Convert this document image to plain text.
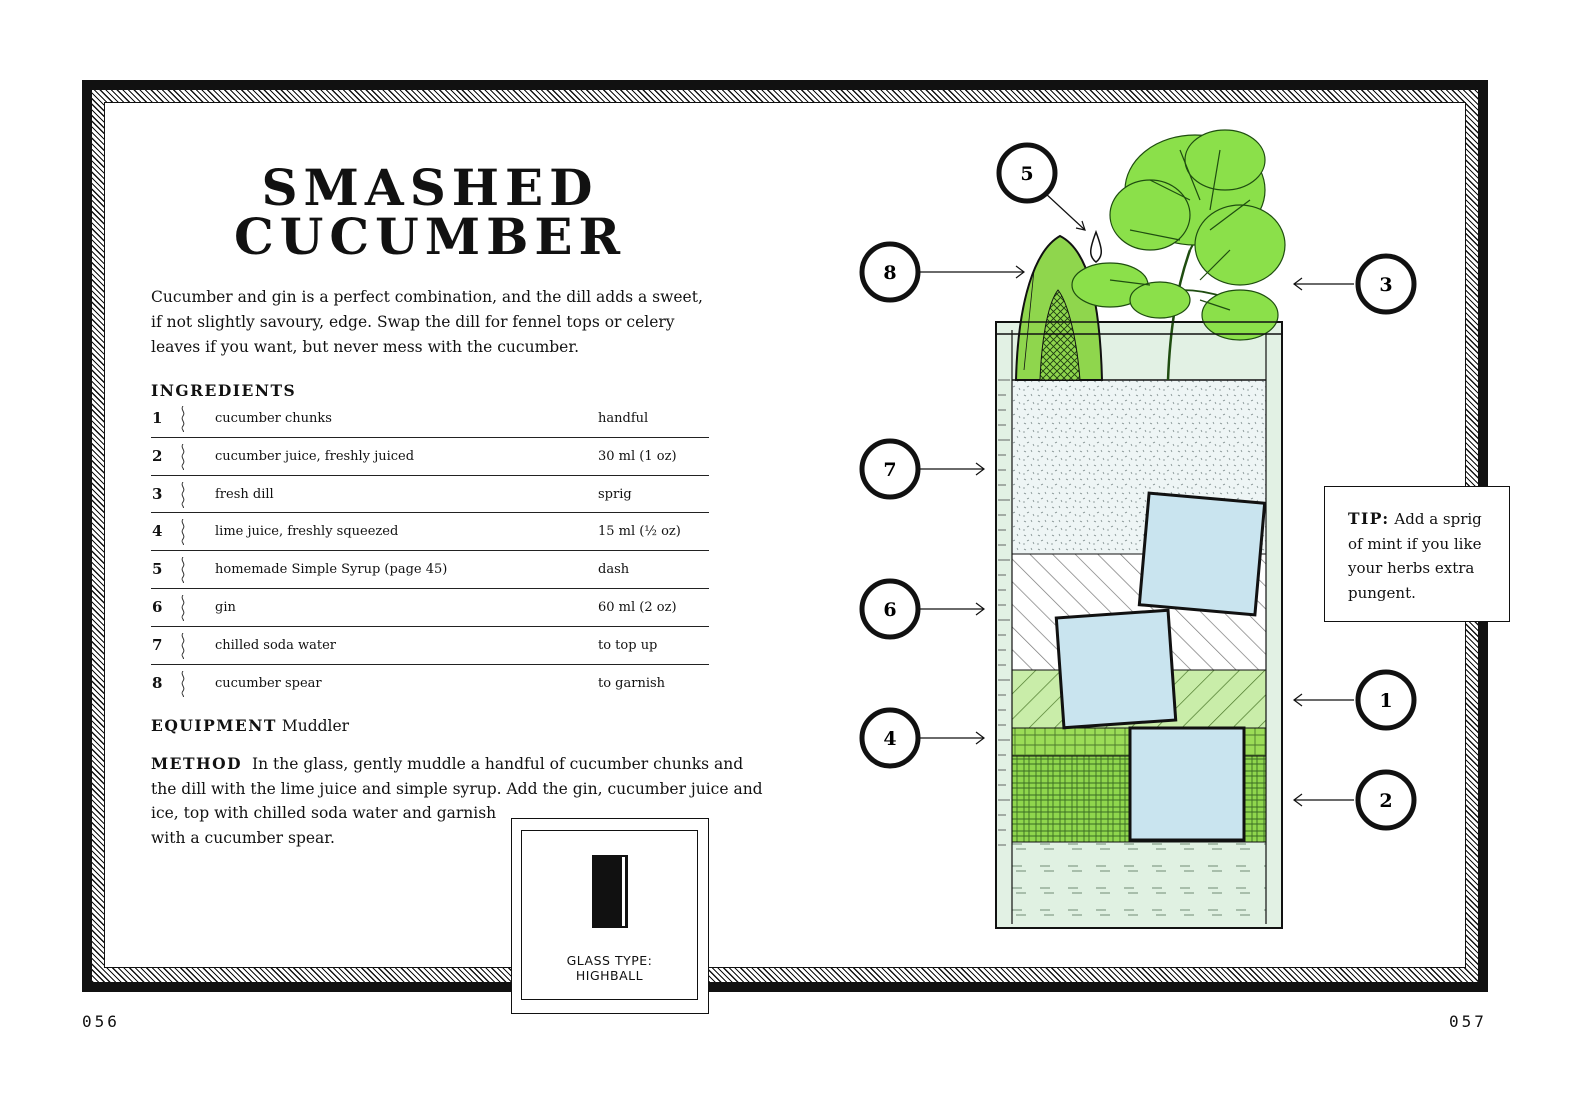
SMASHED
CUCUMBER

Cucumber and gin is a perfect combination, and the dill adds a sweet, if not slightly savoury, edge. Swap the dill for fennel tops or celery leaves if you want, but never mess with the cucumber.

INGREDIENTS

1	cucumber chunks	handful
2	cucumber juice, freshly juiced	30 ml (1 oz)
3	fresh dill	sprig
4	lime juice, freshly squeezed	15 ml (½ oz)
5	homemade Simple Syrup (page 45)	dash
6	gin	60 ml (2 oz)
7	chilled soda water	to top up
8	cucumber spear	to garnish

EQUIPMENT Muddler

METHOD In the glass, gently muddle a handful of cucumber chunks and
the dill with the lime juice and simple syrup. Add the gin, cucumber juice and
ice, top with chilled soda water and garnish
with a cucumber spear.

GLASS TYPE:
HIGHBALL
056	057
1
2
3
4
5
6
7
8
TIP: Add a sprig of mint if you like your herbs extra pungent.
